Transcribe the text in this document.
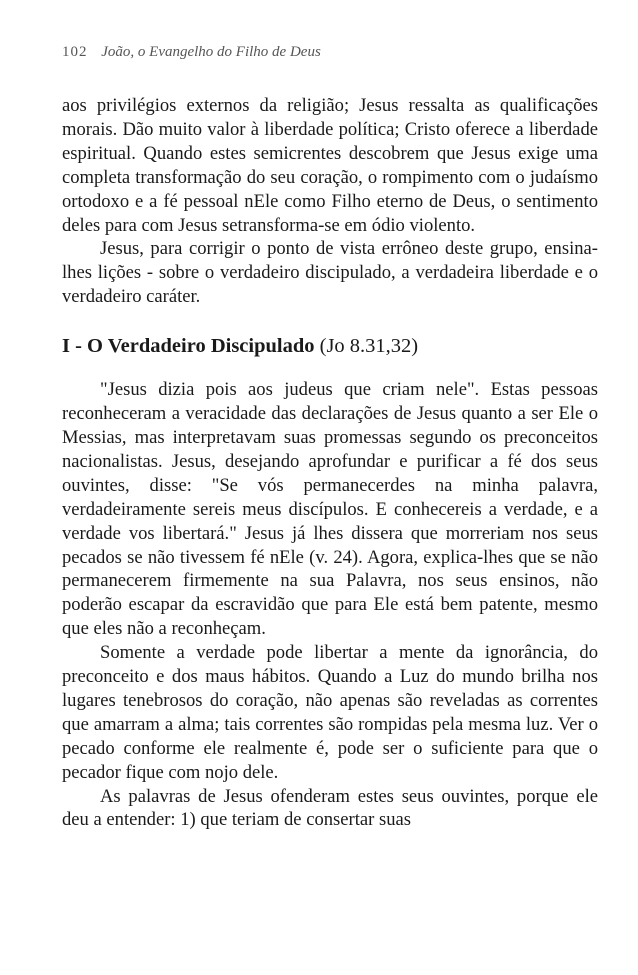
102 João, o Evangelho do Filho de Deus

aos privilégios externos da religião; Jesus ressalta as qualificações morais. Dão muito valor à liberdade política; Cristo oferece a liberdade espiritual. Quando estes semicrentes descobrem que Jesus exige uma completa transformação do seu coração, o rompimento com o judaísmo ortodoxo e a fé pessoal nEle como Filho eterno de Deus, o sentimento deles para com Jesus setransforma-se em ódio violento.

Jesus, para corrigir o ponto de vista errôneo deste grupo, ensina-lhes lições - sobre o verdadeiro discipulado, a verdadeira liberdade e o verdadeiro caráter.

I - O Verdadeiro Discipulado (Jo 8.31,32)

"Jesus dizia pois aos judeus que criam nele". Estas pessoas reconheceram a veracidade das declarações de Jesus quanto a ser Ele o Messias, mas interpretavam suas promessas segundo os preconceitos nacionalistas. Jesus, desejando aprofundar e purificar a fé dos seus ouvintes, disse: "Se vós permanecerdes na minha palavra, verdadeiramente sereis meus discípulos. E conhecereis a verdade, e a verdade vos libertará." Jesus já lhes dissera que morreriam nos seus pecados se não tivessem fé nEle (v. 24). Agora, explica-lhes que se não permanecerem firmemente na sua Palavra, nos seus ensinos, não poderão escapar da escravidão que para Ele está bem patente, mesmo que eles não a reconheçam.

Somente a verdade pode libertar a mente da ignorância, do preconceito e dos maus hábitos. Quando a Luz do mundo brilha nos lugares tenebrosos do coração, não apenas são reveladas as correntes que amarram a alma; tais correntes são rompidas pela mesma luz. Ver o pecado conforme ele realmente é, pode ser o suficiente para que o pecador fique com nojo dele.

As palavras de Jesus ofenderam estes seus ouvintes, porque ele deu a entender: 1) que teriam de consertar suas
